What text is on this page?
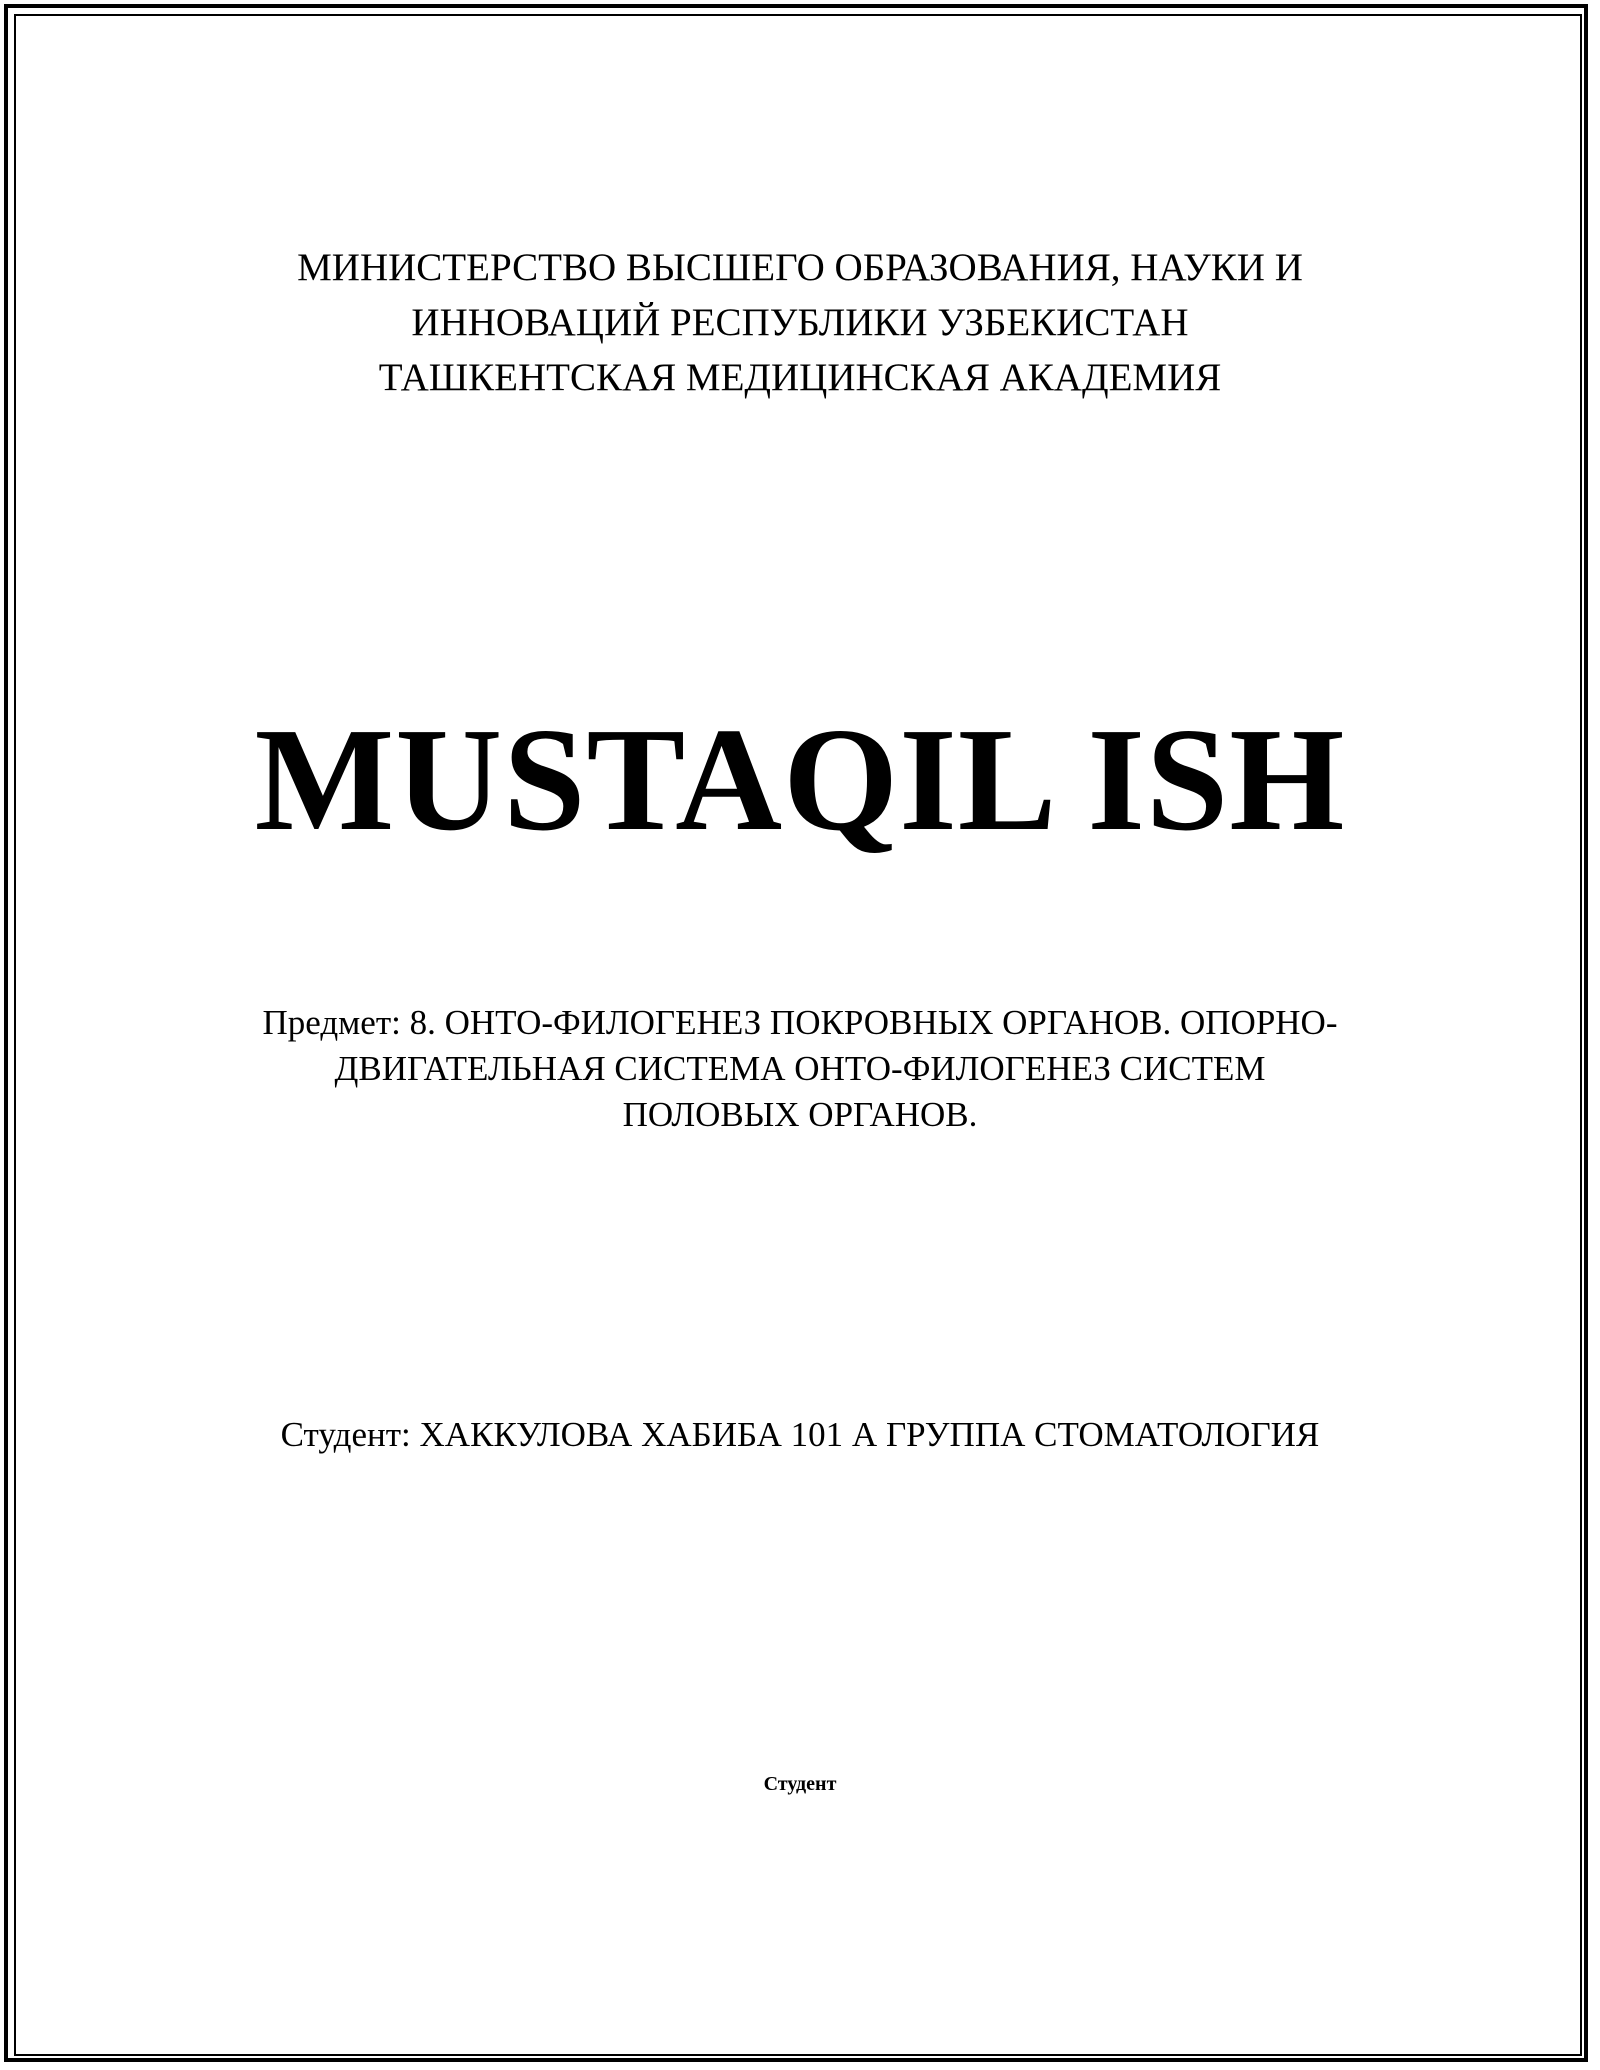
МИНИСТЕРСТВО ВЫСШЕГО ОБРАЗОВАНИЯ, НАУКИ И
ИННОВАЦИЙ РЕСПУБЛИКИ УЗБЕКИСТАН
ТАШКЕНТСКАЯ МЕДИЦИНСКАЯ АКАДЕМИЯ
MUSTAQIL ISH
Предмет: 8. ОНТО-ФИЛОГЕНЕЗ ПОКРОВНЫХ ОРГАНОВ. ОПОРНО-
ДВИГАТЕЛЬНАЯ СИСТЕМА ОНТО-ФИЛОГЕНЕЗ СИСТЕМ
ПОЛОВЫХ ОРГАНОВ.
Студент: ХАККУЛОВА ХАБИБА 101 А ГРУППА СТОМАТОЛОГИЯ
Студент
